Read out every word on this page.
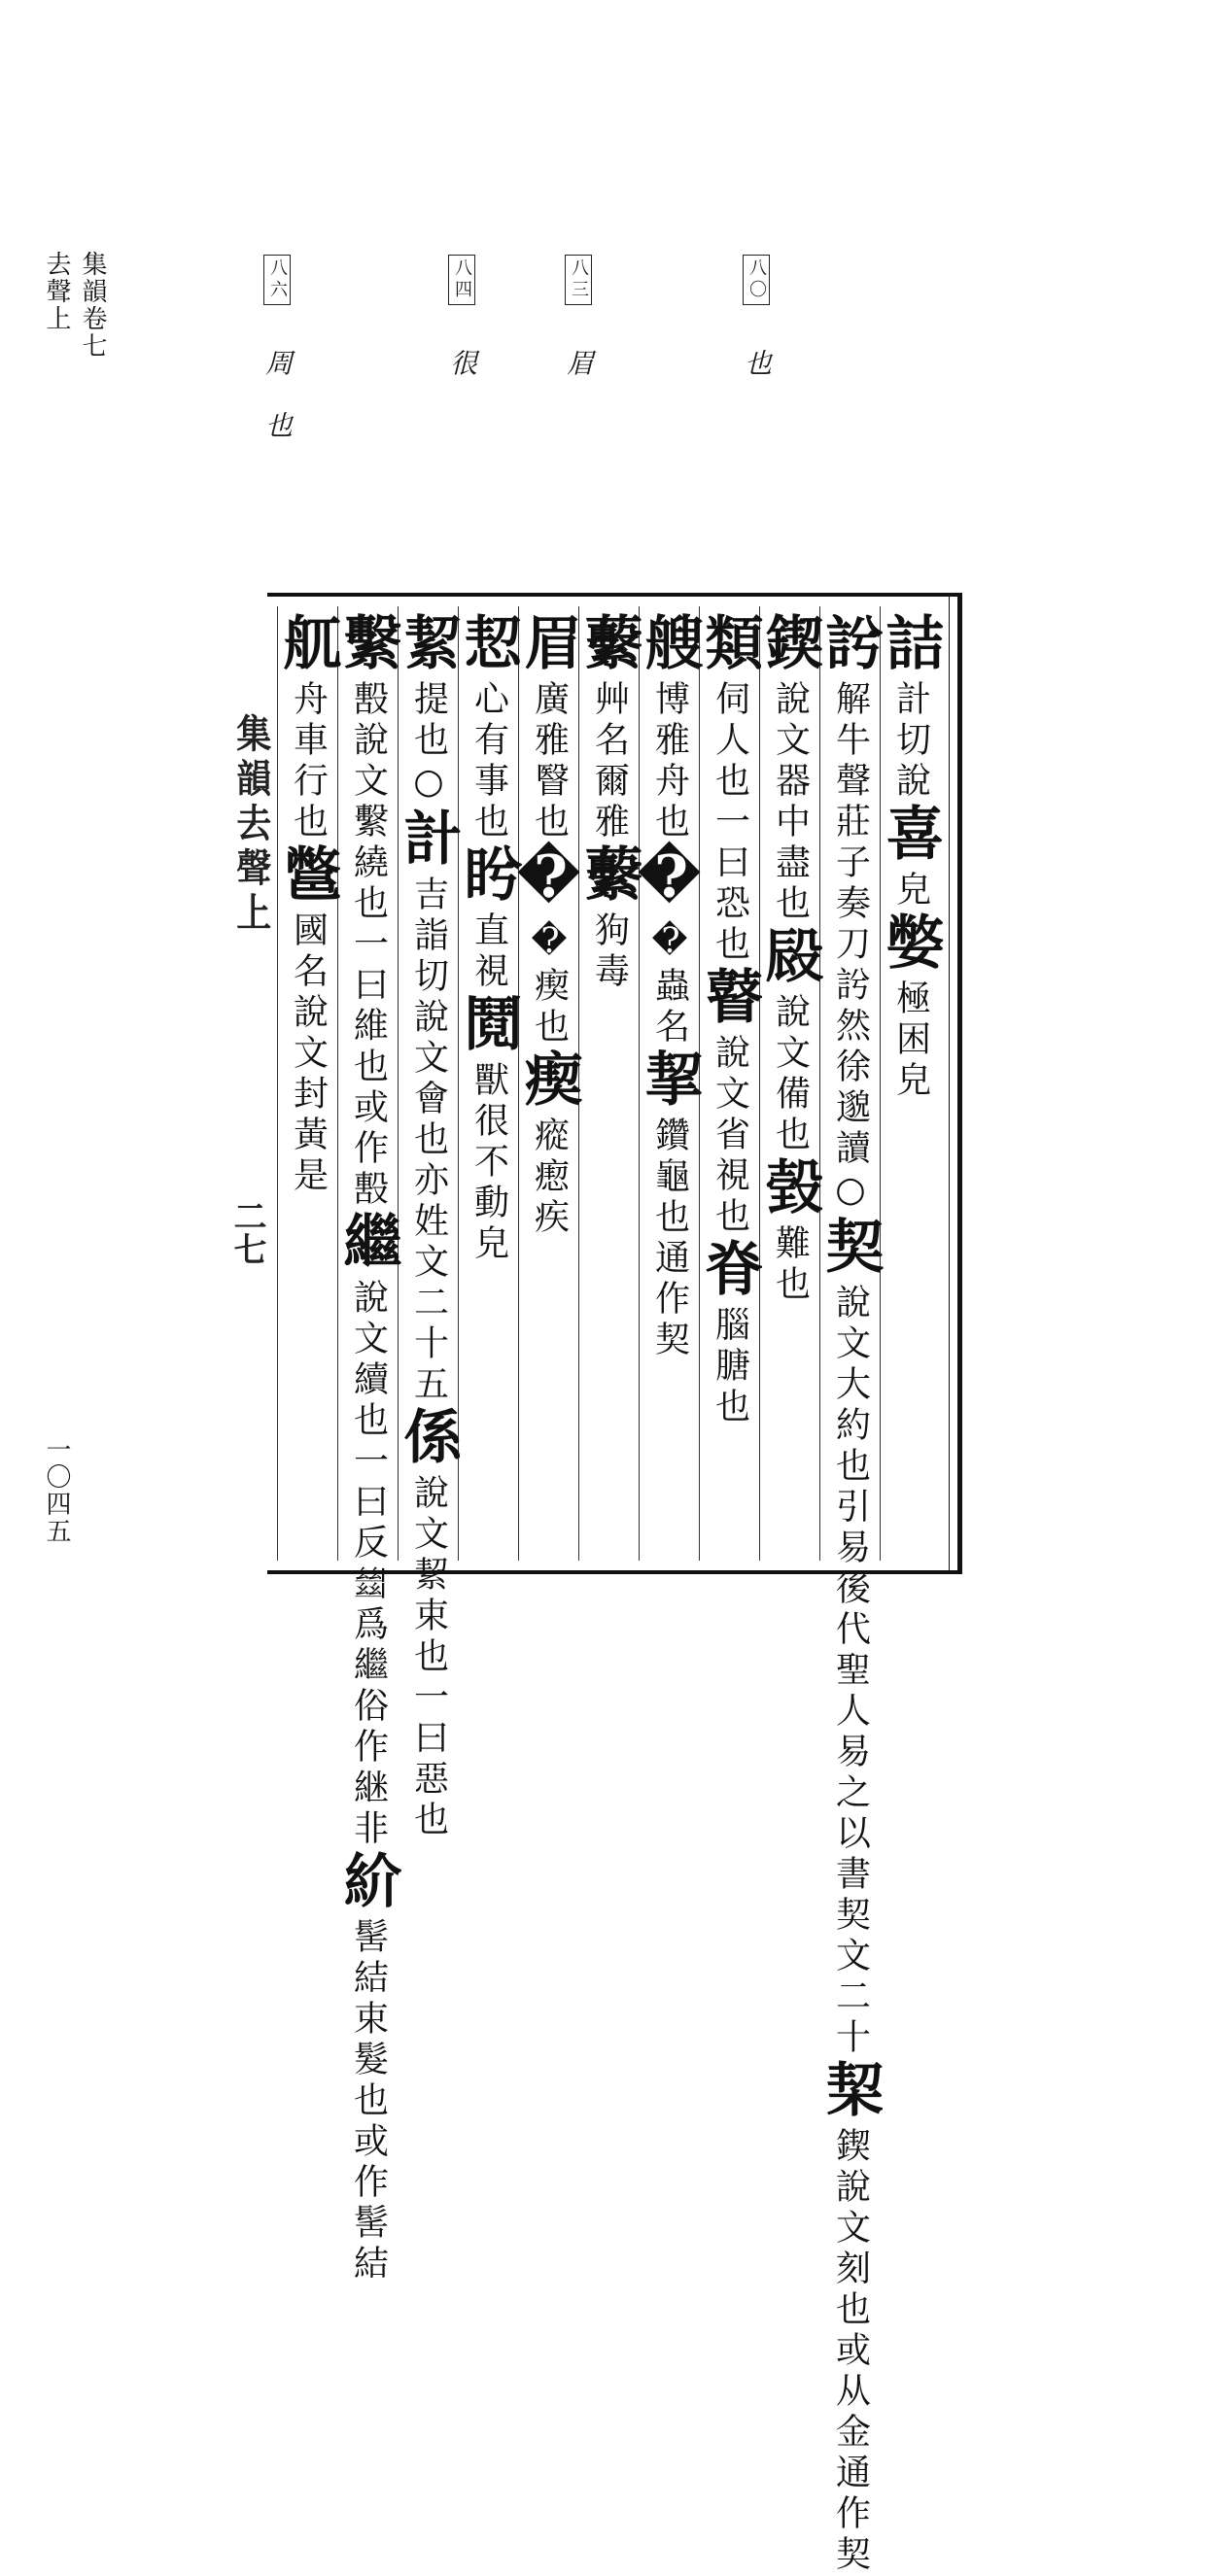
集韻卷七
去聲上
一〇四五
八〇 也
八三 眉
八四 很
八六 周　也
集韻去聲上
二七
詰計切說喜皃嫳極困皃
䚷解牛聲莊子奏刀䚷然徐邈讀○契說文大約也引易後代聖人易之以書契文二十栔鍥說文刻也或从金通作契
鍥說文器中盡也㲀說文備也㲄難也
類伺人也一曰恐也瞽說文省視也脊腦膅也
艘博雅舟也𧎭蟲名挈鑽龜也通作契
蘻艸名爾雅蘻狗毒
眉廣雅瞖也𤸷瘈也瘈瘲瘛疾
恝心有事也盻直視鬩獸很不動皃
絜提也○計吉詣切說文會也亦姓文二十五係說文絜束也一曰惡也
繫毄說文繫繞也一曰維也或作毄繼說文續也一曰反𢇍爲繼俗作継非紒髺結束髮也或作髺結
䑢舟車行也鄨國名說文封黃是
